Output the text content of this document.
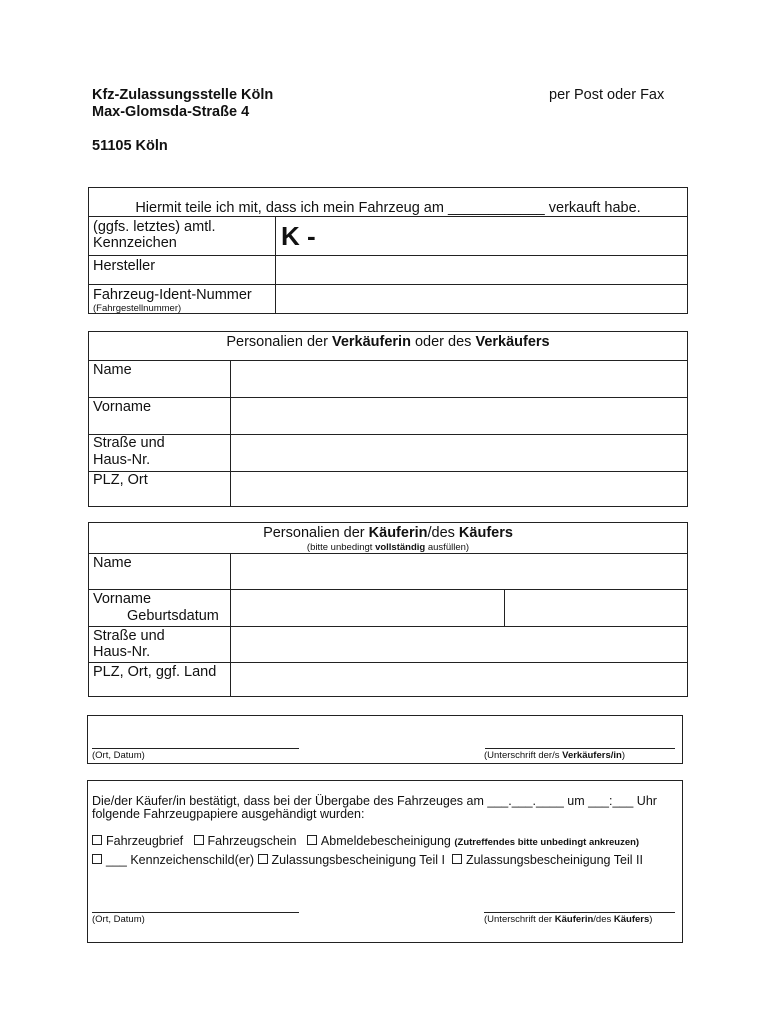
Kfz-Zulassungsstelle Köln
Max-Glomsda-Straße 4
51105 Köln
per Post oder Fax
Hiermit teile ich mit, dass ich mein Fahrzeug am ____________ verkauft habe.
(ggfs. letztes) amtl.
Kennzeichen	K -
Hersteller
Fahrzeug-Ident-Nummer
(Fahrgestellnummer)
Personalien der Verkäuferin oder des Verkäufers
Name
Vorname
Straße und
Haus-Nr.
PLZ, Ort
Personalien der Käuferin/des Käufers
(bitte unbedingt vollständig ausfüllen)
Name
Vorname
Geburtsdatum
Straße und
Haus-Nr.
PLZ, Ort, ggf. Land
(Ort, Datum)	(Unterschrift der/s Verkäufers/in)
Die/der Käufer/in bestätigt, dass bei der Übergabe des Fahrzeuges am ___.___.____ um ___:___ Uhr
folgende Fahrzeugpapiere ausgehändigt wurden:
Fahrzeugbrief Fahrzeugschein Abmeldebescheinigung (Zutreffendes bitte unbedingt ankreuzen)
___ Kennzeichenschild(er) Zulassungsbescheinigung Teil I Zulassungsbescheinigung Teil II
(Ort, Datum)	(Unterschrift der Käuferin/des Käufers)
